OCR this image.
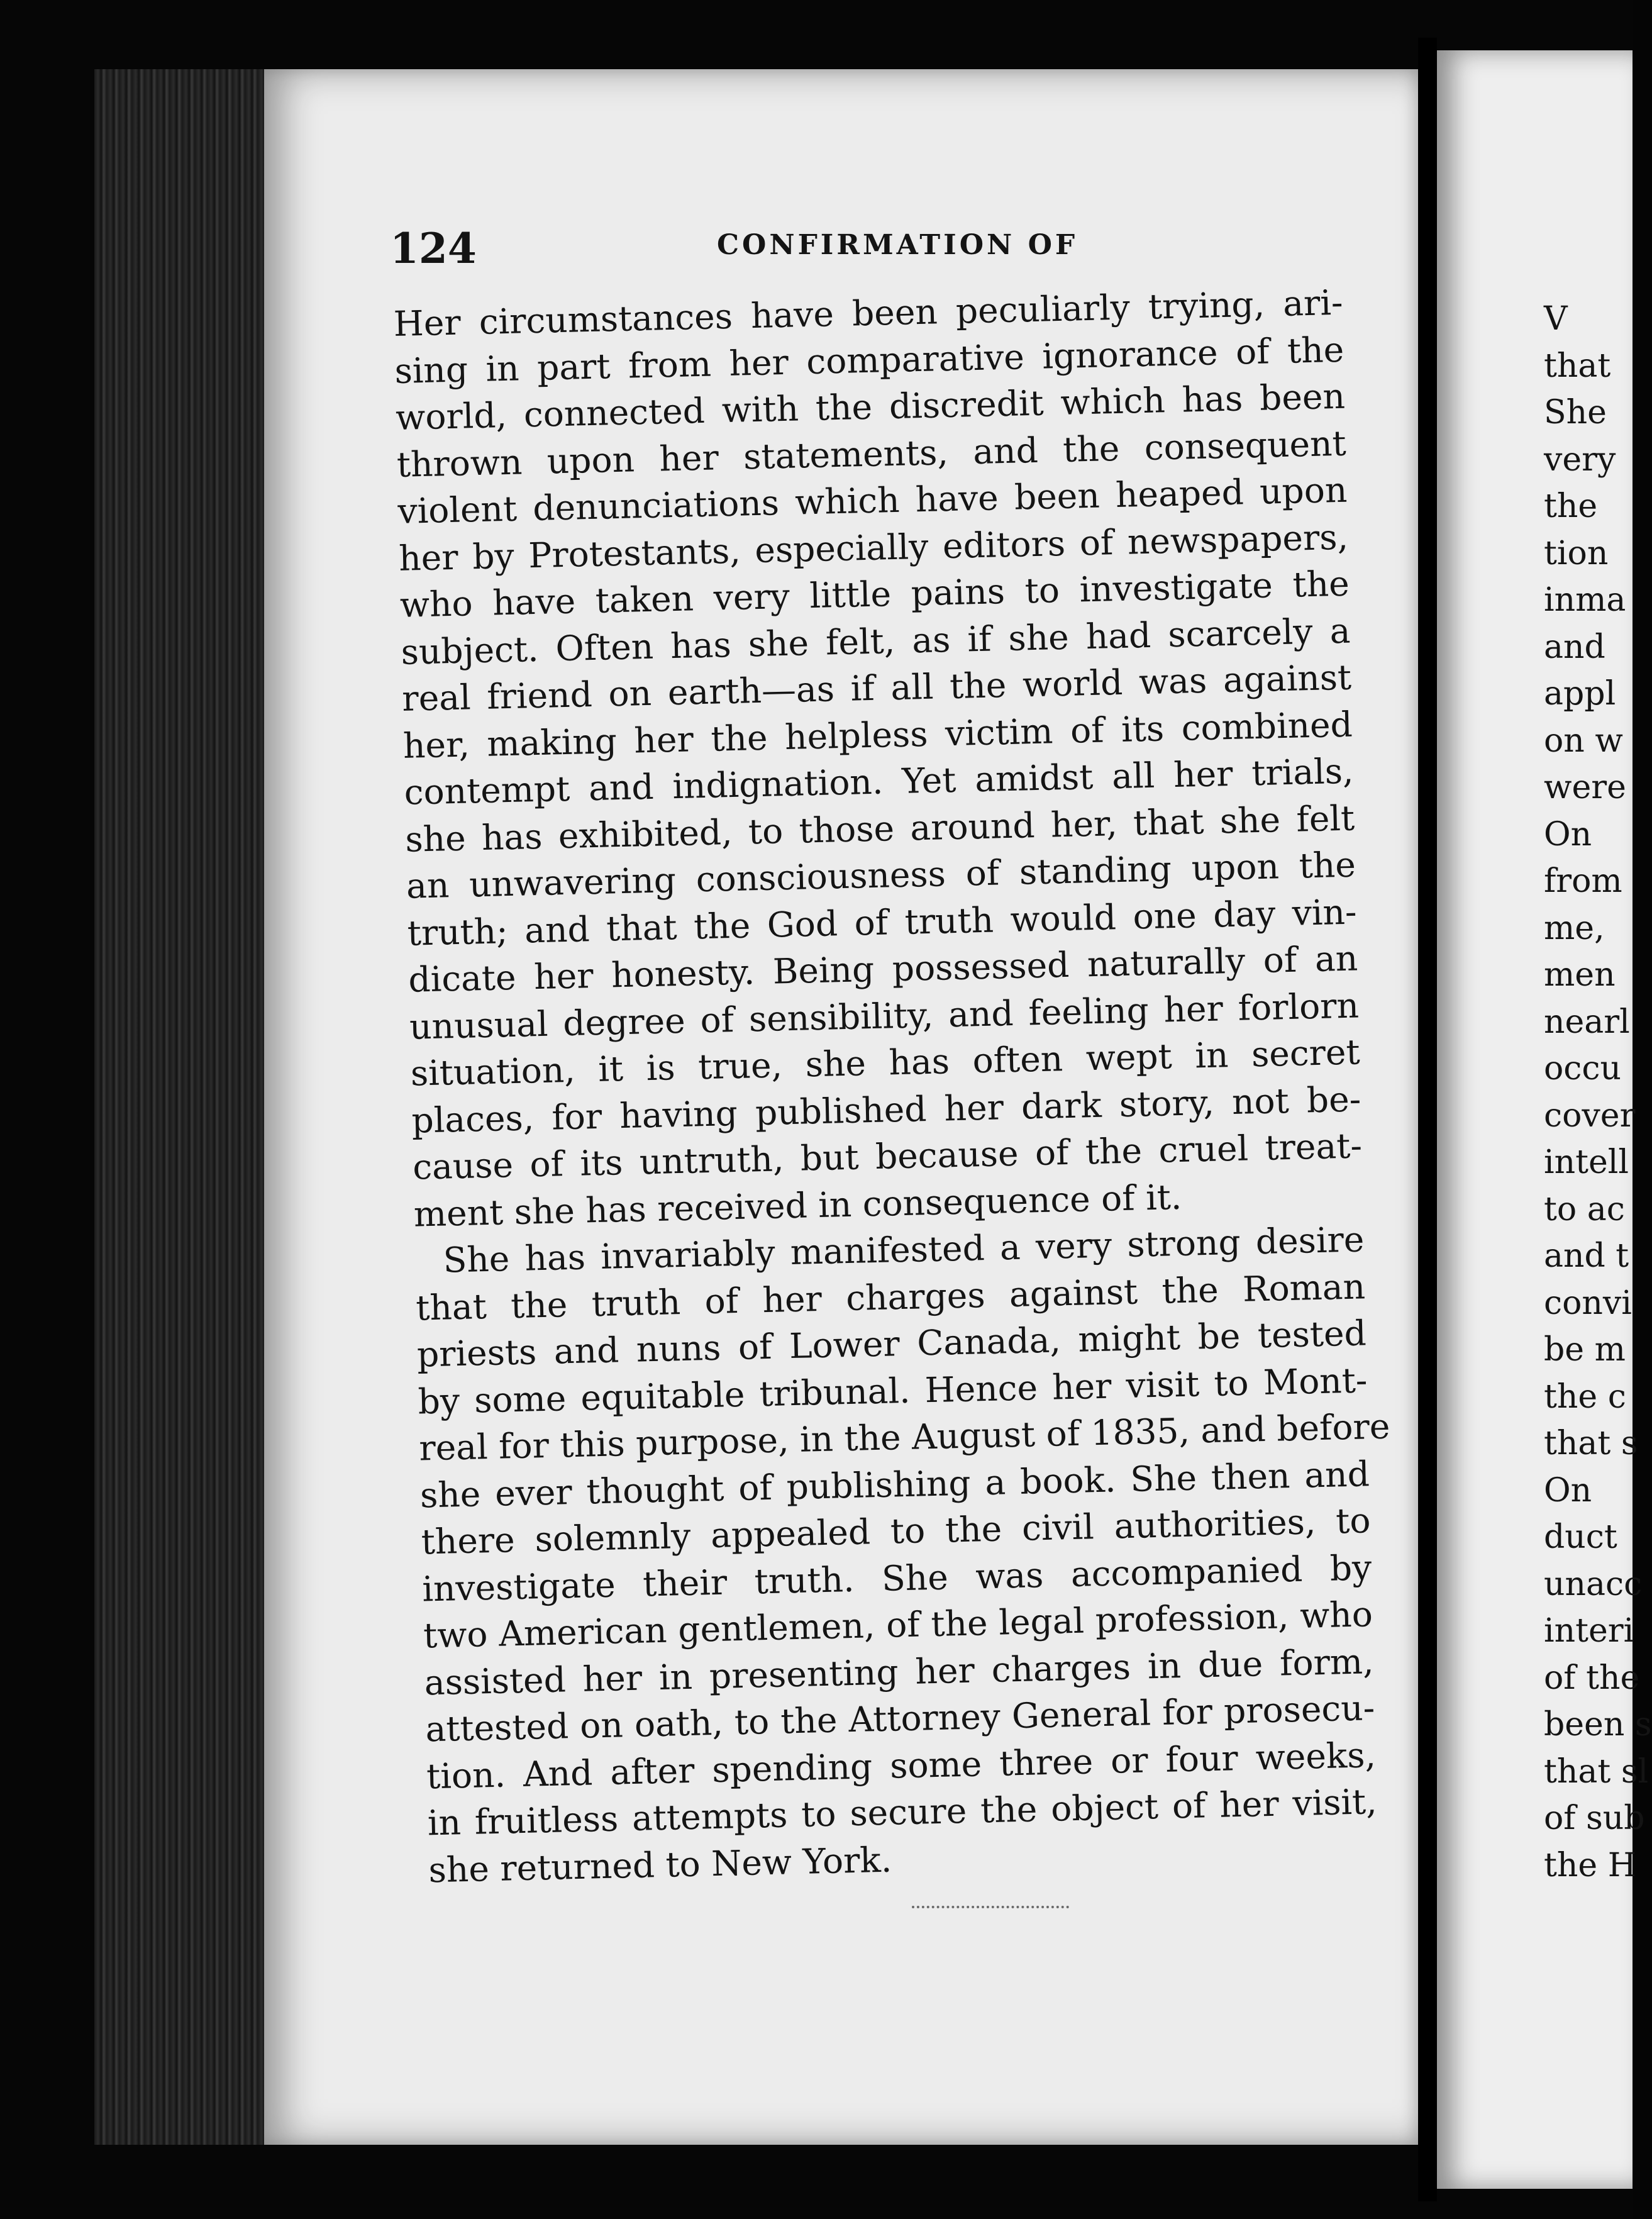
124	CONFIRMATION OF
Her circumstances have been peculiarly trying, ari-
sing in part from her comparative ignorance of the
world, connected with the discredit which has been
thrown upon her statements, and the consequent
violent denunciations which have been heaped upon
her by Protestants, especially editors of newspapers,
who have taken very little pains to investigate the
subject. Often has she felt, as if she had scarcely a
real friend on earth—as if all the world was against
her, making her the helpless victim of its combined
contempt and indignation. Yet amidst all her trials,
she has exhibited, to those around her, that she felt
an unwavering consciousness of standing upon the
truth; and that the God of truth would one day vin-
dicate her honesty. Being possessed naturally of an
unusual degree of sensibility, and feeling her forlorn
situation, it is true, she has often wept in secret
places, for having published her dark story, not be-
cause of its untruth, but because of the cruel treat-
ment she has received in consequence of it.
She has invariably manifested a very strong desire
that the truth of her charges against the Roman
priests and nuns of Lower Canada, might be tested
by some equitable tribunal. Hence her visit to Mont-
real for this purpose, in the August of 1835, and before
she ever thought of publishing a book. She then and
there solemnly appealed to the civil authorities, to
investigate their truth. She was accompanied by
two American gentlemen, of the legal profession, who
assisted her in presenting her charges in due form,
attested on oath, to the Attorney General for prosecu-
tion. And after spending some three or four weeks,
in fruitless attempts to secure the object of her visit,
she returned to New York.
V
that
She
very
the
tion
inma
and
appl
on w
were
On
from
me,
men
nearl
occu
cover
intell
to ac
and t
convi
be m
the c
that s
On
duct
unacc
interi
of the
been s
that sl
of sub
the H
